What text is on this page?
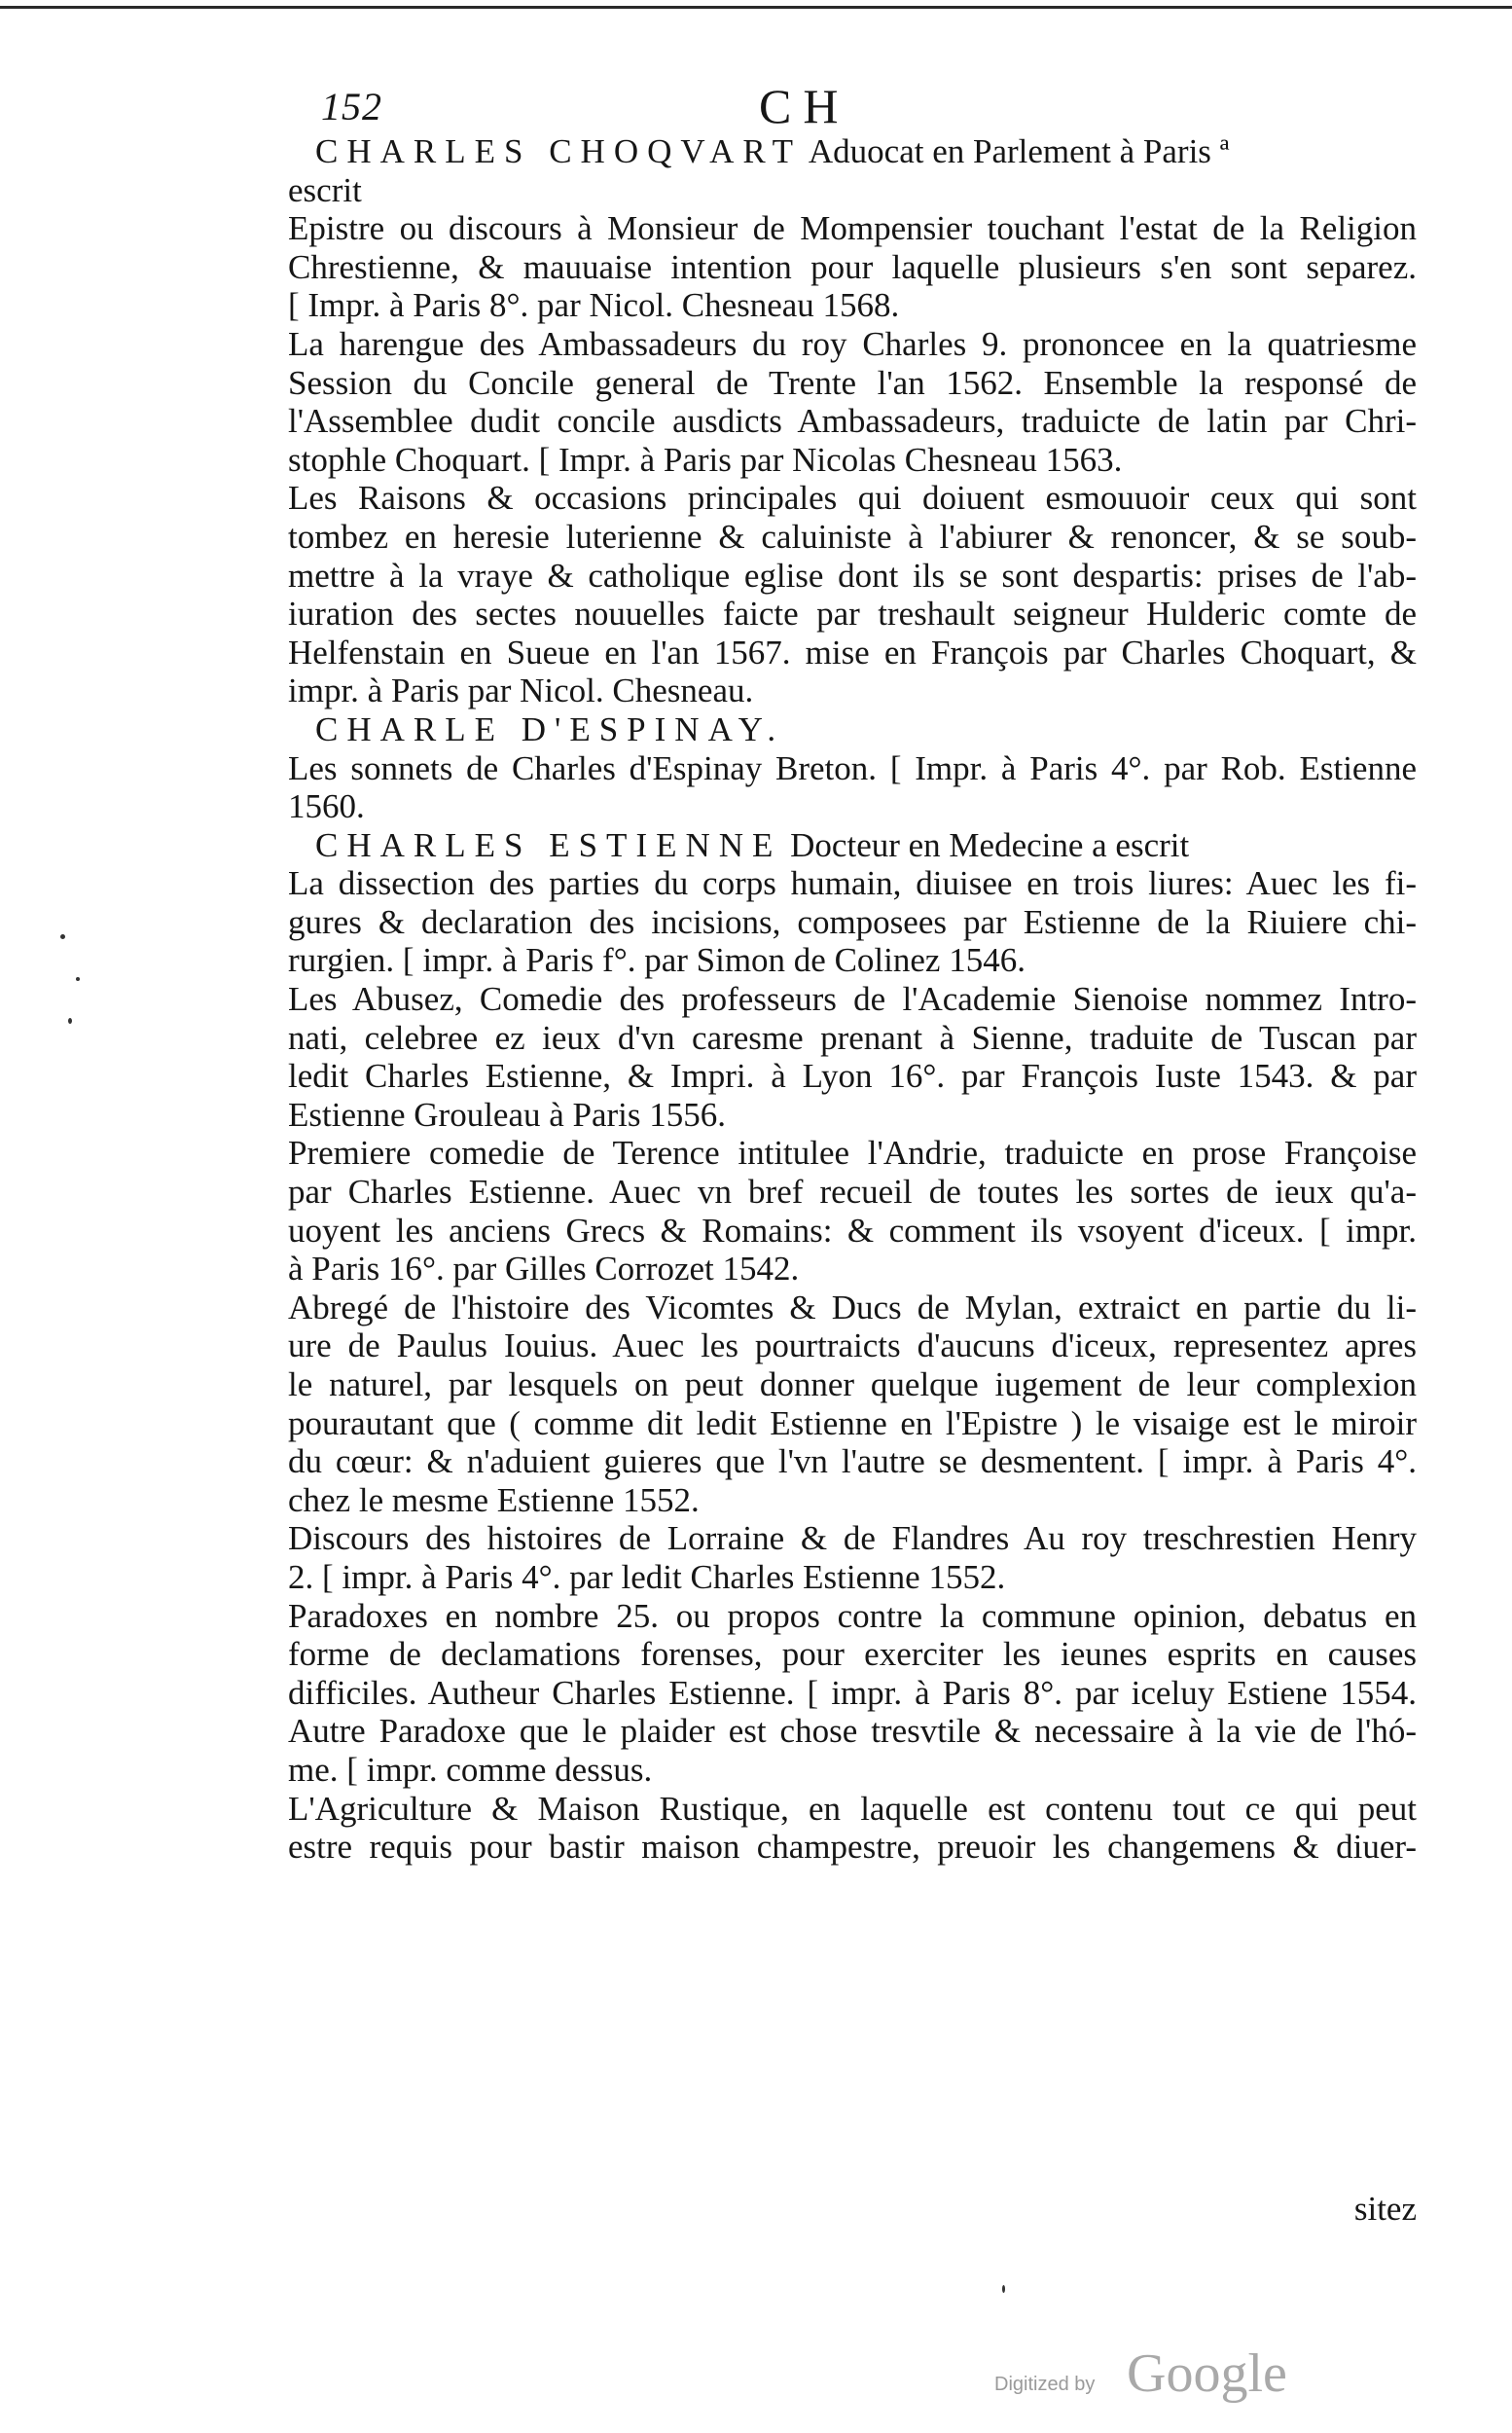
152	CH
CHARLES CHOQVART Aduocat en Parlement à Paris ª
escrit
Epistre ou discours à Monsieur de Mompensier touchant l'estat de la Religion
Chrestienne, & mauuaise intention pour laquelle plusieurs s'en sont separez.
[ Impr. à Paris 8°. par Nicol. Chesneau 1568.
La harengue des Ambassadeurs du roy Charles 9. prononcee en la quatriesme
Session du Concile general de Trente l'an 1562. Ensemble la responsé de
l'Assemblee dudit concile ausdicts Ambassadeurs, traduicte de latin par Chri-
stophle Choquart. [ Impr. à Paris par Nicolas Chesneau 1563.
Les Raisons & occasions principales qui doiuent esmouuoir ceux qui sont
tombez en heresie luterienne & caluiniste à l'abiurer & renoncer, & se soub-
mettre à la vraye & catholique eglise dont ils se sont despartis: prises de l'ab-
iuration des sectes nouuelles faicte par treshault seigneur Hulderic comte de
Helfenstain en Sueue en l'an 1567. mise en François par Charles Choquart, &
impr. à Paris par Nicol. Chesneau.
CHARLE D'ESPINAY.
Les sonnets de Charles d'Espinay Breton. [ Impr. à Paris 4°. par Rob. Estienne
1560.
CHARLES ESTIENNE Docteur en Medecine a escrit
La dissection des parties du corps humain, diuisee en trois liures: Auec les fi-
gures & declaration des incisions, composees par Estienne de la Riuiere chi-
rurgien. [ impr. à Paris f°. par Simon de Colinez 1546.
Les Abusez, Comedie des professeurs de l'Academie Sienoise nommez Intro-
nati, celebree ez ieux d'vn caresme prenant à Sienne, traduite de Tuscan par
ledit Charles Estienne, & Impri. à Lyon 16°. par François Iuste 1543. & par
Estienne Grouleau à Paris 1556.
Premiere comedie de Terence intitulee l'Andrie, traduicte en prose Françoise
par Charles Estienne. Auec vn bref recueil de toutes les sortes de ieux qu'a-
uoyent les anciens Grecs & Romains: & comment ils vsoyent d'iceux. [ impr.
à Paris 16°. par Gilles Corrozet 1542.
Abregé de l'histoire des Vicomtes & Ducs de Mylan, extraict en partie du li-
ure de Paulus Iouius. Auec les pourtraicts d'aucuns d'iceux, representez apres
le naturel, par lesquels on peut donner quelque iugement de leur complexion
pourautant que ( comme dit ledit Estienne en l'Epistre ) le visaige est le miroir
du cœur: & n'aduient guieres que l'vn l'autre se desmentent. [ impr. à Paris 4°.
chez le mesme Estienne 1552.
Discours des histoires de Lorraine & de Flandres Au roy treschrestien Henry
2. [ impr. à Paris 4°. par ledit Charles Estienne 1552.
Paradoxes en nombre 25. ou propos contre la commune opinion, debatus en
forme de declamations forenses, pour exerciter les ieunes esprits en causes
difficiles. Autheur Charles Estienne. [ impr. à Paris 8°. par iceluy Estiene 1554.
Autre Paradoxe que le plaider est chose tresvtile & necessaire à la vie de l'hó-
me. [ impr. comme dessus.
L'Agriculture & Maison Rustique, en laquelle est contenu tout ce qui peut
estre requis pour bastir maison champestre, preuoir les changemens & diuer-
sitez
Digitized by Google
